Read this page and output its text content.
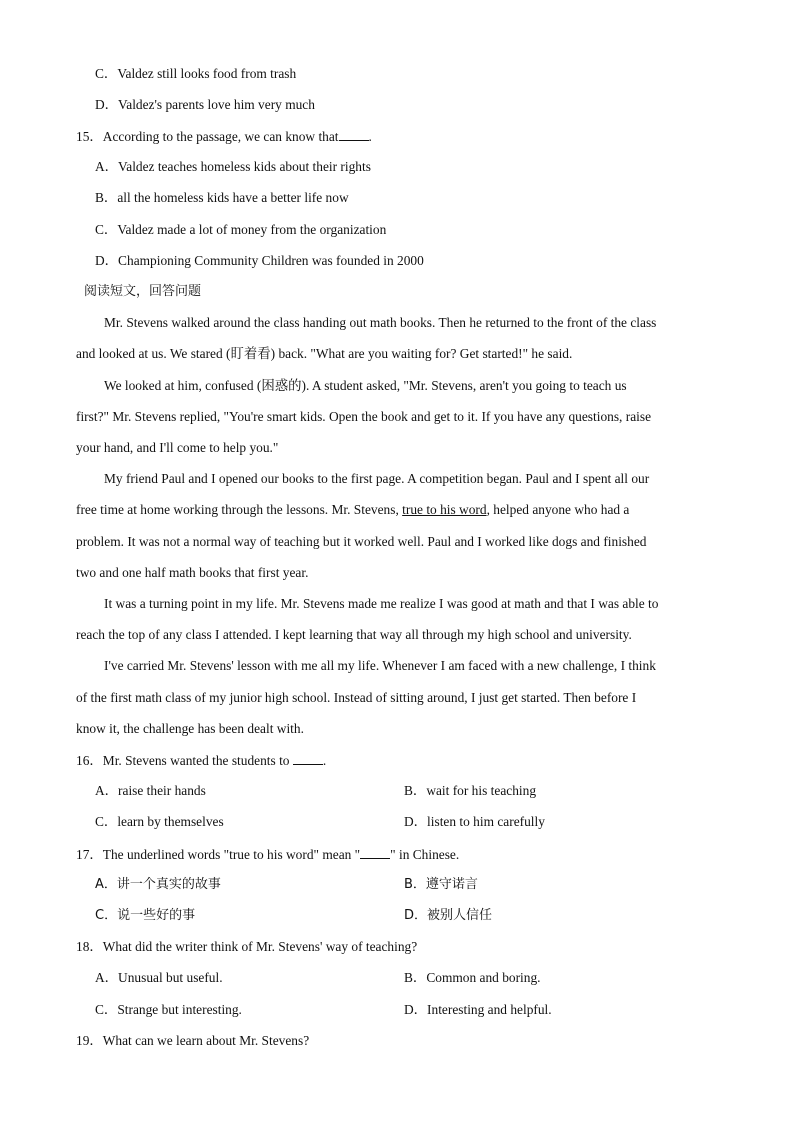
C．Valdez still looks food from trash
D．Valdez's parents love him very much
15．According to the passage, we can know that .
A．Valdez teaches homeless kids about their rights
B．all the homeless kids have a better life now
C．Valdez made a lot of money from the organization
D．Championing Community Children was founded in 2000
阅读短文，回答问题
Mr. Stevens walked around the class handing out math books. Then he returned to the front of the class
and looked at us. We stared (盯着看) back. "What are you waiting for? Get started!" he said.
We looked at him, confused (困惑的). A student asked, "Mr. Stevens, aren't you going to teach us
first?" Mr. Stevens replied, "You're smart kids. Open the book and get to it. If you have any questions, raise
your hand, and I'll come to help you."
My friend Paul and I opened our books to the first page. A competition began. Paul and I spent all our
free time at home working through the lessons. Mr. Stevens, true to his word, helped anyone who had a
problem. It was not a normal way of teaching but it worked well. Paul and I worked like dogs and finished
two and one half math books that first year.
It was a turning point in my life. Mr. Stevens made me realize I was good at math and that I was able to
reach the top of any class I attended. I kept learning that way all through my high school and university.
I've carried Mr. Stevens' lesson with me all my life. Whenever I am faced with a new challenge, I think
of the first math class of my junior high school. Instead of sitting around, I just get started. Then before I
know it, the challenge has been dealt with.
16．Mr. Stevens wanted the students to .
A．raise their hands	B．wait for his teaching
C．learn by themselves	D．listen to him carefully
17．The underlined words "true to his word" mean " " in Chinese.
A．讲一个真实的故事	B．遵守诺言
C．说一些好的事	D．被别人信任
18．What did the writer think of Mr. Stevens' way of teaching?
A．Unusual but useful.	B．Common and boring.
C．Strange but interesting.	D．Interesting and helpful.
19．What can we learn about Mr. Stevens?
